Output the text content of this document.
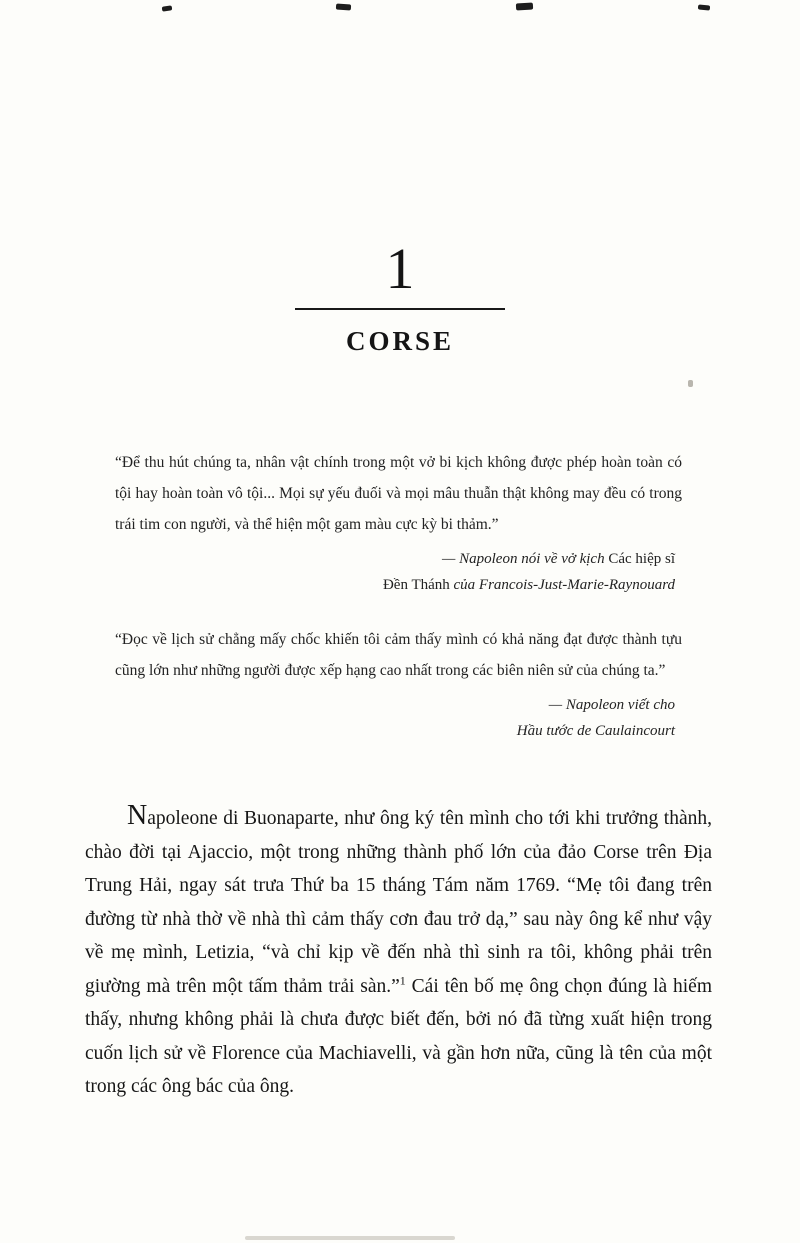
1
CORSE

“Để thu hút chúng ta, nhân vật chính trong một vở bi kịch không được phép hoàn toàn có tội hay hoàn toàn vô tội... Mọi sự yếu đuối và mọi mâu thuẫn thật không may đều có trong trái tim con người, và thể hiện một gam màu cực kỳ bi thảm.”

— Napoleon nói về vở kịch Các hiệp sĩ
Đền Thánh của Francois-Just-Marie-Raynouard

“Đọc về lịch sử chẳng mấy chốc khiến tôi cảm thấy mình có khả năng đạt được thành tựu cũng lớn như những người được xếp hạng cao nhất trong các biên niên sử của chúng ta.”

— Napoleon viết cho
Hầu tước de Caulaincourt

Napoleone di Buonaparte, như ông ký tên mình cho tới khi trưởng thành, chào đời tại Ajaccio, một trong những thành phố lớn của đảo Corse trên Địa Trung Hải, ngay sát trưa Thứ ba 15 tháng Tám năm 1769. “Mẹ tôi đang trên đường từ nhà thờ về nhà thì cảm thấy cơn đau trở dạ,” sau này ông kể như vậy về mẹ mình, Letizia, “và chỉ kịp về đến nhà thì sinh ra tôi, không phải trên giường mà trên một tấm thảm trải sàn.”$^1$ Cái tên bố mẹ ông chọn đúng là hiếm thấy, nhưng không phải là chưa được biết đến, bởi nó đã từng xuất hiện trong cuốn lịch sử về Florence của Machiavelli, và gần hơn nữa, cũng là tên của một trong các ông bác của ông.
